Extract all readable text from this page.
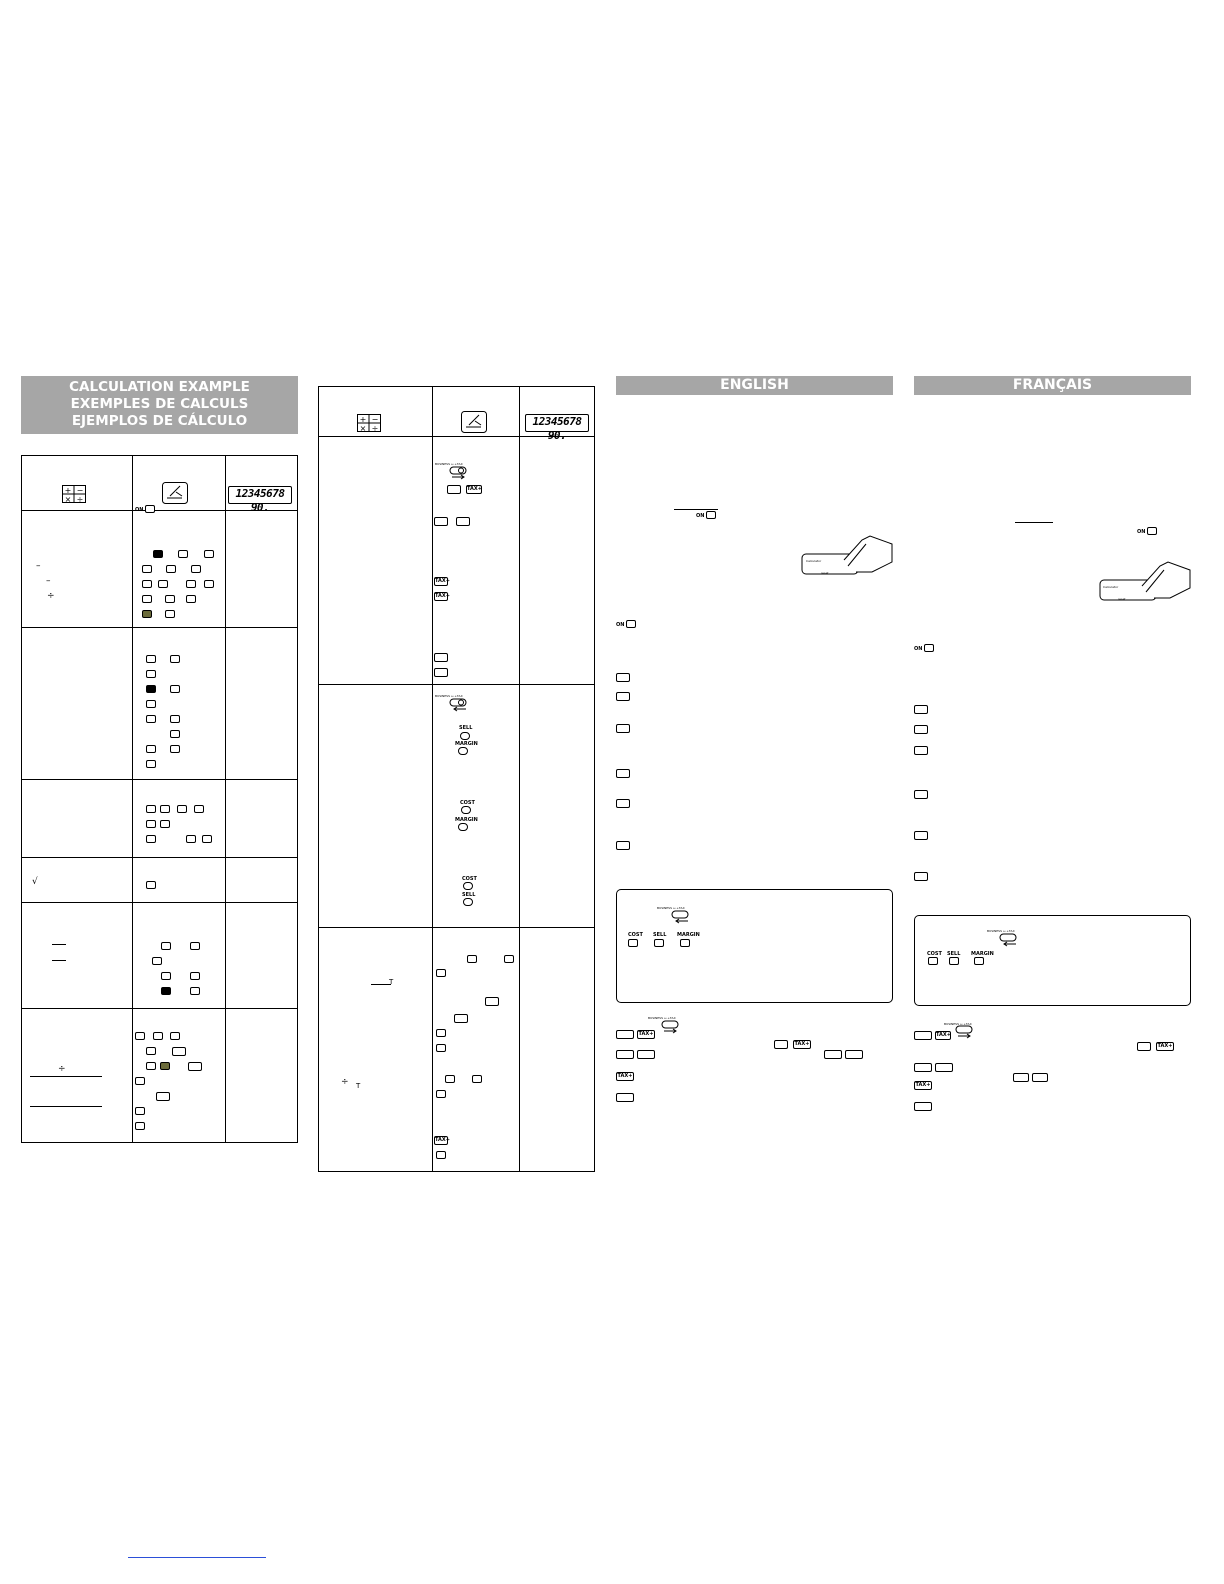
CALCULATION EXAMPLE
EXEMPLES DE CALCULS
EJEMPLOS DE CÁLCULO
+ −
× ÷	12345678 90.
ON
–
–
÷
√
÷
+ −
× ÷
12345678 90.
BUSINESS ↔ +TAX
TAX+
TAX+
TAX+
BUSINESS ↔ +TAX
SELL
MARGIN
COST
MARGIN
COST
SELL
T
÷ T
TAX+
ENGLISH
ON
Calculator
reset
ON
BUSINESS ↔ +TAX
COST SELL MARGIN
BUSINESS ↔ +TAX
TAX+
TAX+
TAX+
FRANÇAIS
ON
Calculator
reset
ON
BUSINESS ↔ +TAX
COST SELL MARGIN
BUSINESS ↔ +TAX
TAX+
TAX+
TAX+
